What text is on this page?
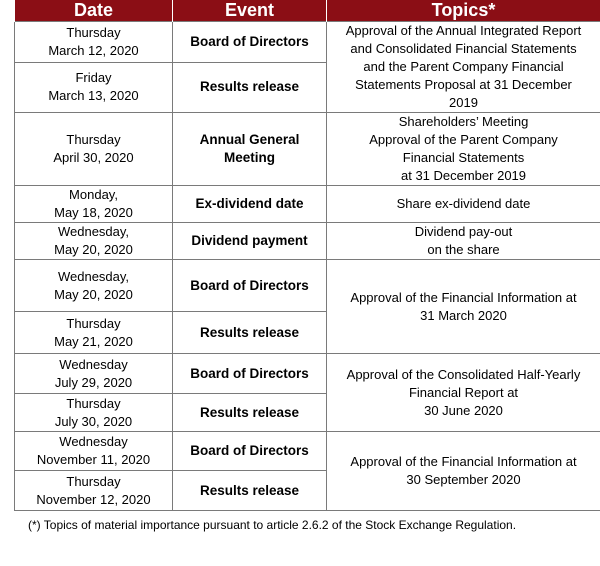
Date	Event	Topics*

Thursday
March 12, 2020	Board of Directors	Approval of the Annual Integrated Report
and Consolidated Financial Statements
and the Parent Company Financial
Statements Proposal at 31 December
2019

Friday
March 13, 2020	Results release	

Thursday
April 30, 2020	Annual General
Meeting	Shareholders’ Meeting
Approval of the Parent Company
Financial Statements
at 31 December 2019

Monday,
May 18, 2020	Ex-dividend date	Share ex-dividend date

Wednesday,
May 20, 2020	Dividend payment	Dividend pay-out
on the share

Wednesday,
May 20, 2020	Board of Directors	Approval of the Financial Information at
31 March 2020

Thursday
May 21, 2020	Results release	

Wednesday
July 29, 2020	Board of Directors	Approval of the Consolidated Half-Yearly
Financial Report at
30 June 2020

Thursday
July 30, 2020	Results release	

Wednesday
November 11, 2020	Board of Directors	Approval of the Financial Information at
30 September 2020

Thursday
November 12, 2020	Results release	
(*) Topics of material importance pursuant to article 2.6.2 of the Stock Exchange Regulation.
